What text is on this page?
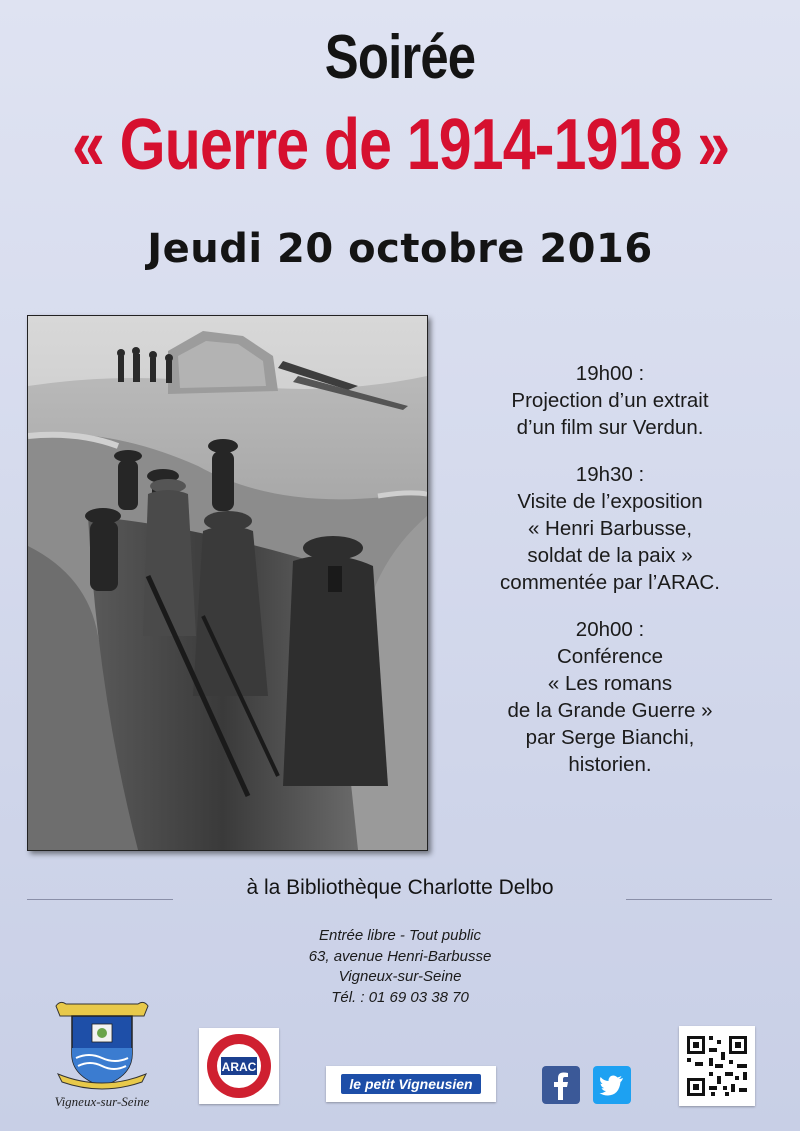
Soirée
« Guerre de 1914-1918 »
Jeudi 20 octobre 2016
19h00 :
Projection d’un extrait
d’un film sur Verdun.
19h30 :
Visite de l’exposition
« Henri Barbusse,
soldat de la paix »
commentée par l’ARAC.
20h00 :
Conférence
« Les romans
de la Grande Guerre »
par Serge Bianchi,
historien.
à la Bibliothèque Charlotte Delbo
Entrée libre - Tout public
63, avenue Henri-Barbusse
Vigneux-sur-Seine
Tél. : 01 69 03 38 70
Vigneux-sur-Seine
ARAC
le petit Vigneusien
